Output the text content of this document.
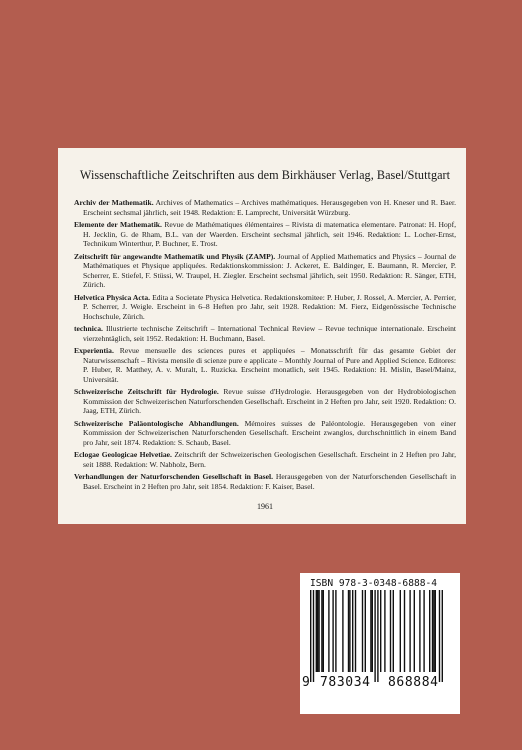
Wissenschaftliche Zeitschriften aus dem Birkhäuser Verlag, Basel/Stuttgart
Archiv der Mathematik. Archives of Mathematics – Archives mathématiques. Herausgegeben von H. Kneser und R. Baer. Erscheint sechsmal jährlich, seit 1948. Redaktion: E. Lamprecht, Universität Würzburg.
Elemente der Mathematik. Revue de Mathématiques élémentaires – Rivista di matematica elementare. Patronat: H. Hopf, H. Jecklin, G. de Rham, B.L. van der Waerden. Erscheint sechsmal jährlich, seit 1946. Redaktion: L. Locher-Ernst, Technikum Winterthur, P. Buchner, E. Trost.
Zeitschrift für angewandte Mathematik und Physik (ZAMP). Journal of Applied Mathematics and Physics – Journal de Mathématiques et Physique appliquées. Redaktionskommission: J. Ackeret, E. Baldinger, E. Baumann, R. Mercier, P. Scherrer, E. Stiefel, F. Stüssi, W. Traupel, H. Ziegler. Erscheint sechsmal jährlich, seit 1950. Redaktion: R. Sänger, ETH, Zürich.
Helvetica Physica Acta. Edita a Societate Physica Helvetica. Redaktionskomitee: P. Huber, J. Rossel, A. Mercier, A. Perrier, P. Scherrer, J. Weigle. Erscheint in 6–8 Heften pro Jahr, seit 1928. Redaktion: M. Fierz, Eidgenössische Technische Hochschule, Zürich.
technica. Illustrierte technische Zeitschrift – International Technical Review – Revue technique internationale. Erscheint vierzehntäglich, seit 1952. Redaktion: H. Buchmann, Basel.
Experientia. Revue mensuelle des sciences pures et appliquées – Monatsschrift für das gesamte Gebiet der Naturwissenschaft – Rivista mensile di scienze pure e applicate – Monthly Journal of Pure and Applied Science. Editores: P. Huber, R. Matthey, A. v. Muralt, L. Ruzicka. Erscheint monatlich, seit 1945. Redaktion: H. Mislin, Basel/Mainz, Universität.
Schweizerische Zeitschrift für Hydrologie. Revue suisse d'Hydrologie. Herausgegeben von der Hydrobiologischen Kommission der Schweizerischen Naturforschenden Gesellschaft. Erscheint in 2 Heften pro Jahr, seit 1920. Redaktion: O. Jaag, ETH, Zürich.
Schweizerische Paläontologische Abhandlungen. Mémoires suisses de Paléontologie. Herausgegeben von einer Kommission der Schweizerischen Naturforschenden Gesellschaft. Erscheint zwanglos, durchschnittlich in einem Band pro Jahr, seit 1874. Redaktion: S. Schaub, Basel.
Eclogae Geologicae Helvetiae. Zeitschrift der Schweizerischen Geologischen Gesellschaft. Erscheint in 2 Heften pro Jahr, seit 1888. Redaktion: W. Nabholz, Bern.
Verhandlungen der Naturforschenden Gesellschaft in Basel. Herausgegeben von der Naturforschenden Gesellschaft in Basel. Erscheint in 2 Heften pro Jahr, seit 1854. Redaktion: F. Kaiser, Basel.
1961
ISBN 978-3-0348-6888-4
9 783034 868884
